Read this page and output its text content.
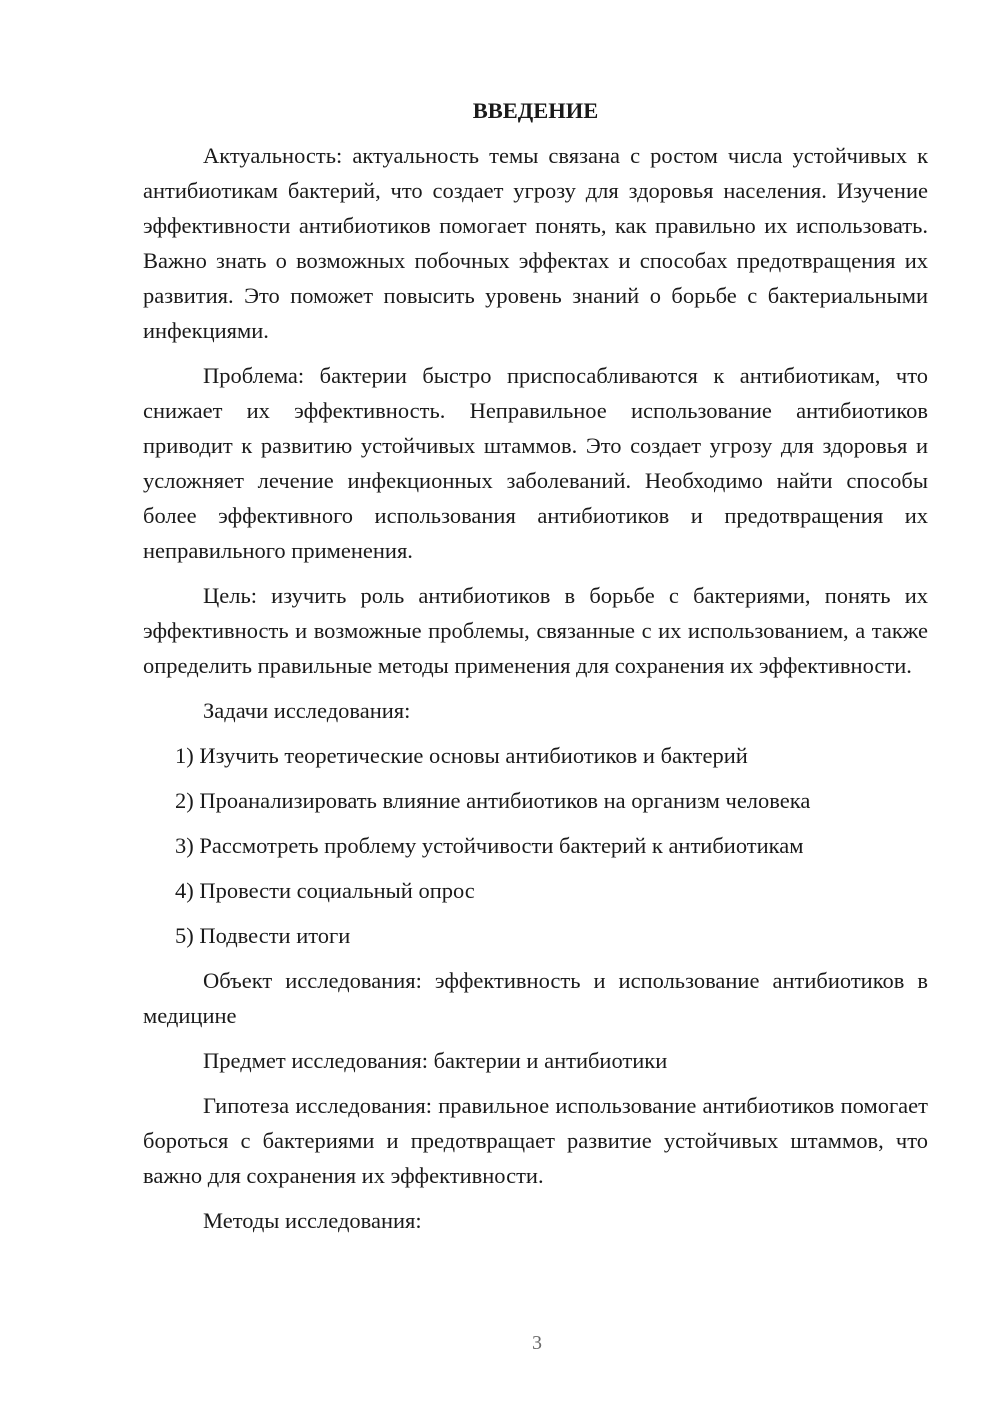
ВВЕДЕНИЕ

Актуальность: актуальность темы связана с ростом числа устойчивых к антибиотикам бактерий, что создает угрозу для здоровья населения. Изучение эффективности антибиотиков помогает понять, как правильно их использовать. Важно знать о возможных побочных эффектах и способах предотвращения их развития. Это поможет повысить уровень знаний о борьбе с бактериальными инфекциями.

Проблема: бактерии быстро приспосабливаются к антибиотикам, что снижает их эффективность. Неправильное использование антибиотиков приводит к развитию устойчивых штаммов. Это создает угрозу для здоровья и усложняет лечение инфекционных заболеваний. Необходимо найти способы более эффективного использования антибиотиков и предотвращения их неправильного применения.

Цель: изучить роль антибиотиков в борьбе с бактериями, понять их эффективность и возможные проблемы, связанные с их использованием, а также определить правильные методы применения для сохранения их эффективности.

Задачи исследования:

1) Изучить теоретические основы антибиотиков и бактерий
2) Проанализировать влияние антибиотиков на организм человека
3) Рассмотреть проблему устойчивости бактерий к антибиотикам
4) Провести социальный опрос
5) Подвести итоги

Объект исследования: эффективность и использование антибиотиков в медицине

Предмет исследования: бактерии и антибиотики

Гипотеза исследования: правильное использование антибиотиков помогает бороться с бактериями и предотвращает развитие устойчивых штаммов, что важно для сохранения их эффективности.

Методы исследования:

3
